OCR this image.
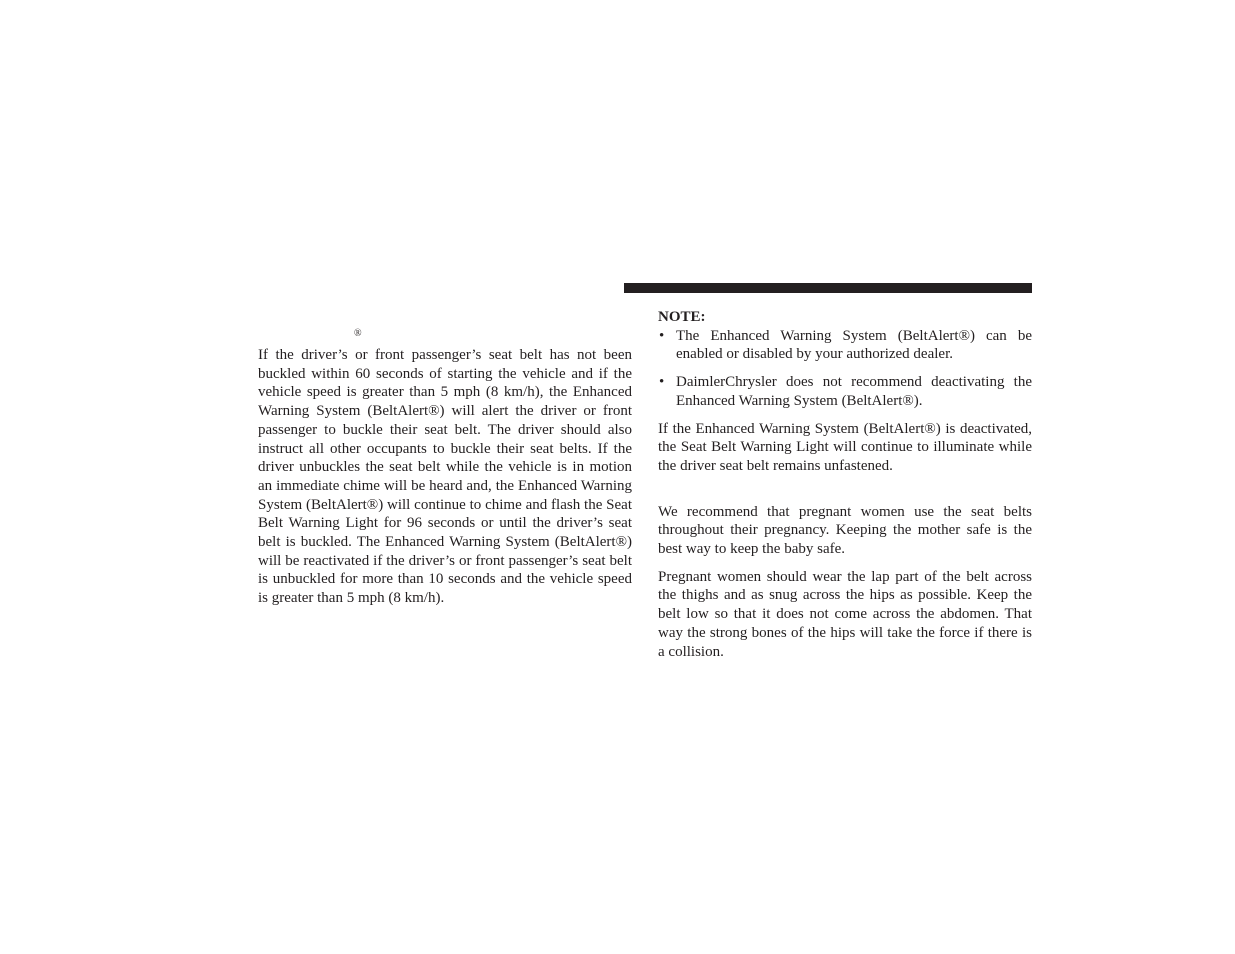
®

If the driver’s or front passenger’s seat belt has not been buckled within 60 seconds of starting the vehicle and if the vehicle speed is greater than 5 mph (8 km/h), the Enhanced Warning System (BeltAlert®) will alert the driver or front passenger to buckle their seat belt. The driver should also instruct all other occupants to buckle their seat belts. If the driver unbuckles the seat belt while the vehicle is in motion an immediate chime will be heard and, the Enhanced Warning System (BeltAlert®) will continue to chime and flash the Seat Belt Warning Light for 96 seconds or until the driver’s seat belt is buckled. The Enhanced Warning System (BeltAlert®) will be reactivated if the driver’s or front passenger’s seat belt is unbuckled for more than 10 seconds and the vehicle speed is greater than 5 mph (8 km/h).

NOTE:

• The Enhanced Warning System (BeltAlert®) can be enabled or disabled by your authorized dealer.
• DaimlerChrysler does not recommend deactivating the Enhanced Warning System (BeltAlert®).

If the Enhanced Warning System (BeltAlert®) is deactivated, the Seat Belt Warning Light will continue to illuminate while the driver seat belt remains unfastened.

We recommend that pregnant women use the seat belts throughout their pregnancy. Keeping the mother safe is the best way to keep the baby safe.

Pregnant women should wear the lap part of the belt across the thighs and as snug across the hips as possible. Keep the belt low so that it does not come across the abdomen. That way the strong bones of the hips will take the force if there is a collision.
